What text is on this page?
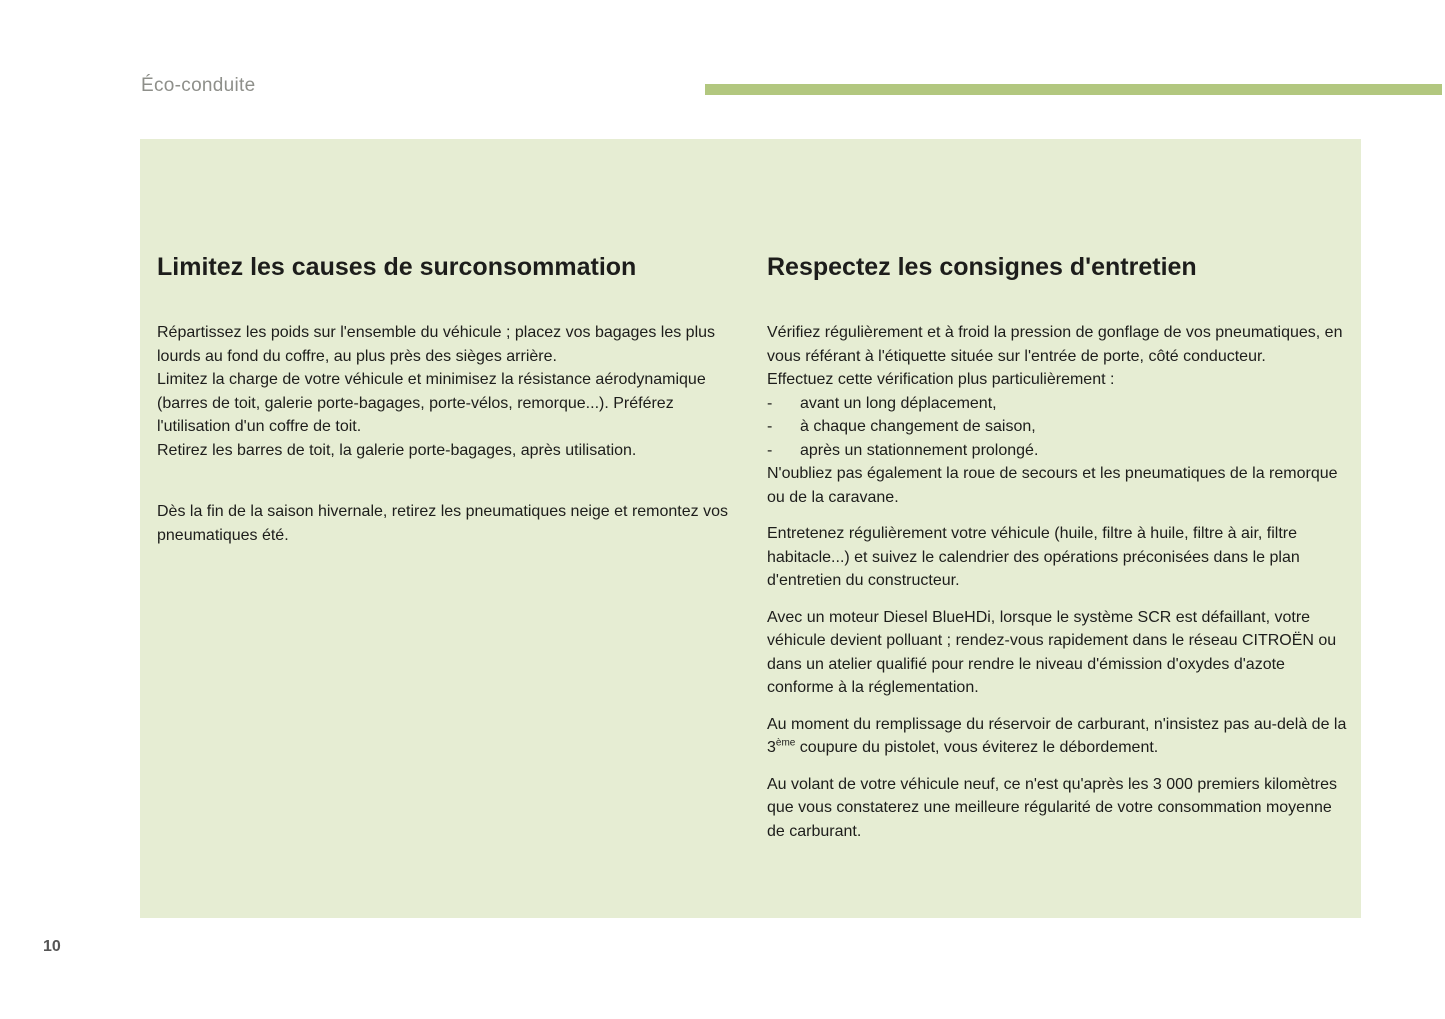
Éco-conduite
Limitez les causes de surconsommation

Répartissez les poids sur l'ensemble du véhicule ; placez vos bagages les plus lourds au fond du coffre, au plus près des sièges arrière.

Limitez la charge de votre véhicule et minimisez la résistance aérodynamique (barres de toit, galerie porte-bagages, porte-vélos, remorque...). Préférez l'utilisation d'un coffre de toit.

Retirez les barres de toit, la galerie porte-bagages, après utilisation.

Dès la fin de la saison hivernale, retirez les pneumatiques neige et remontez vos pneumatiques été.

Respectez les consignes d'entretien

Vérifiez régulièrement et à froid la pression de gonflage de vos pneumatiques, en vous référant à l'étiquette située sur l'entrée de porte, côté conducteur.

Effectuez cette vérification plus particulièrement :

-	avant un long déplacement,
-	à chaque changement de saison,
-	après un stationnement prolongé.

N'oubliez pas également la roue de secours et les pneumatiques de la remorque ou de la caravane.

Entretenez régulièrement votre véhicule (huile, filtre à huile, filtre à air, filtre habitacle...) et suivez le calendrier des opérations préconisées dans le plan d'entretien du constructeur.

Avec un moteur Diesel BlueHDi, lorsque le système SCR est défaillant, votre véhicule devient polluant ; rendez-vous rapidement dans le réseau CITROËN ou dans un atelier qualifié pour rendre le niveau d'émission d'oxydes d'azote conforme à la réglementation.

Au moment du remplissage du réservoir de carburant, n'insistez pas au-delà de la 3ème coupure du pistolet, vous éviterez le débordement.

Au volant de votre véhicule neuf, ce n'est qu'après les 3 000 premiers kilomètres que vous constaterez une meilleure régularité de votre consommation moyenne de carburant.

10
